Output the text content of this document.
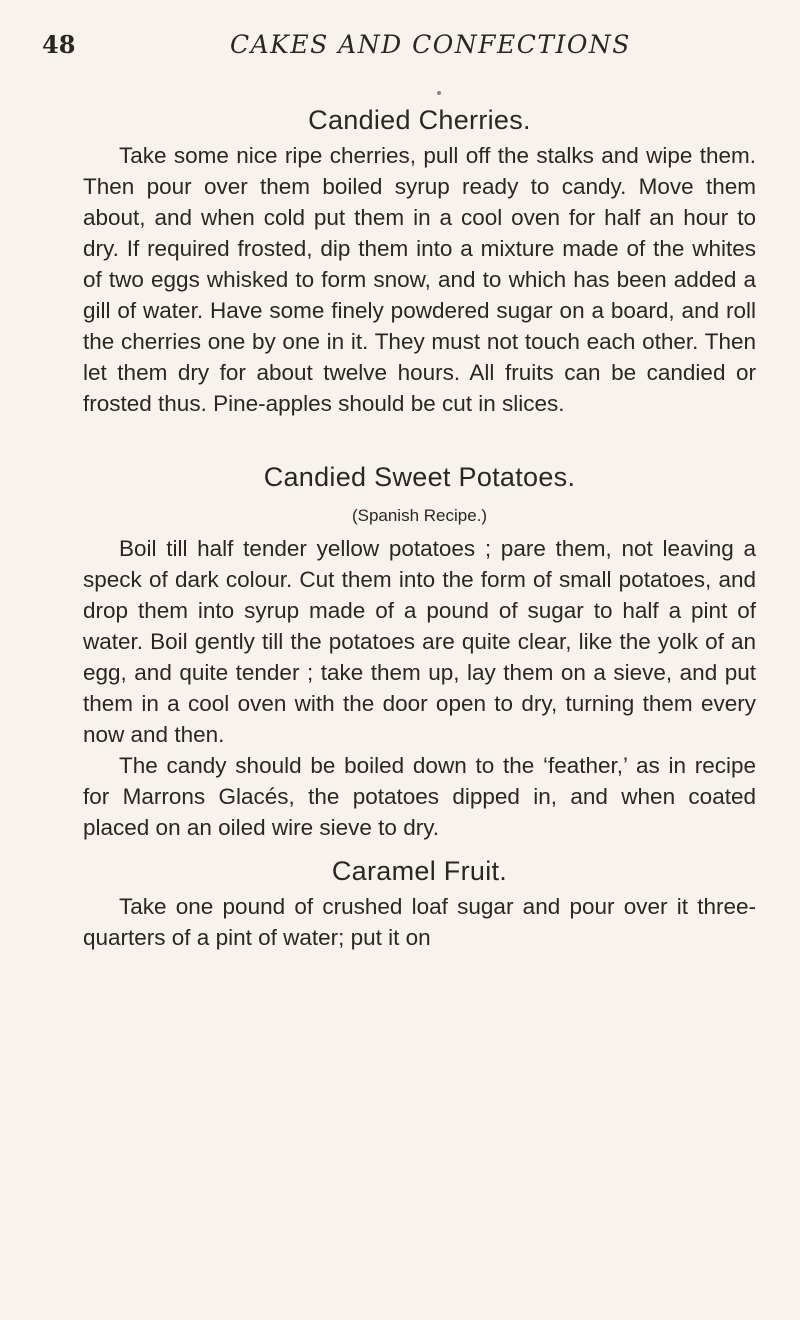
48	CAKES AND CONFECTIONS
Candied Cherries.

Take some nice ripe cherries, pull off the stalks and wipe them. Then pour over them boiled syrup ready to candy. Move them about, and when cold put them in a cool oven for half an hour to dry. If required frosted, dip them into a mixture made of the whites of two eggs whisked to form snow, and to which has been added a gill of water. Have some finely powdered sugar on a board, and roll the cherries one by one in it. They must not touch each other. Then let them dry for about twelve hours. All fruits can be candied or frosted thus. Pine-apples should be cut in slices.

Candied Sweet Potatoes.
(Spanish Recipe.)

Boil till half tender yellow potatoes ; pare them, not leaving a speck of dark colour. Cut them into the form of small potatoes, and drop them into syrup made of a pound of sugar to half a pint of water. Boil gently till the potatoes are quite clear, like the yolk of an egg, and quite tender ; take them up, lay them on a sieve, and put them in a cool oven with the door open to dry, turning them every now and then.

The candy should be boiled down to the ‘feather,’ as in recipe for Marrons Glacés, the potatoes dipped in, and when coated placed on an oiled wire sieve to dry.

Caramel Fruit.

Take one pound of crushed loaf sugar and pour over it three-quarters of a pint of water; put it on
